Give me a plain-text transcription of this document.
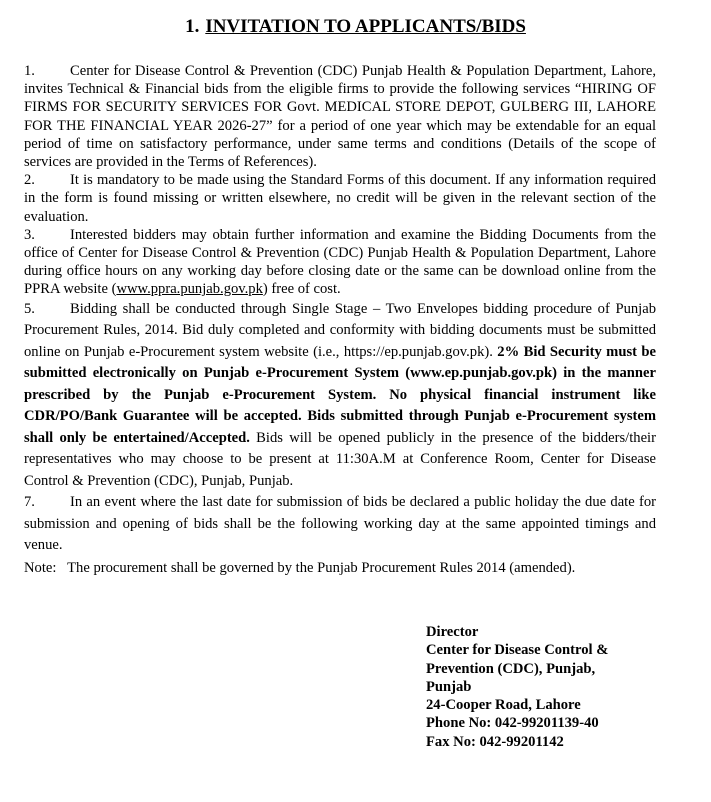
1. INVITATION TO APPLICANTS/BIDS
1. Center for Disease Control & Prevention (CDC) Punjab Health & Population Department, Lahore, invites Technical & Financial bids from the eligible firms to provide the following services “HIRING OF FIRMS FOR SECURITY SERVICES FOR Govt. MEDICAL STORE DEPOT, GULBERG III, LAHORE FOR THE FINANCIAL YEAR 2026-27” for a period of one year which may be extendable for an equal period of time on satisfactory performance, under same terms and conditions (Details of the scope of services are provided in the Terms of References).
2. It is mandatory to be made using the Standard Forms of this document. If any information required in the form is found missing or written elsewhere, no credit will be given in the relevant section of the evaluation.
3. Interested bidders may obtain further information and examine the Bidding Documents from the office of Center for Disease Control & Prevention (CDC) Punjab Health & Population Department, Lahore during office hours on any working day before closing date or the same can be download online from the PPRA website (www.ppra.punjab.gov.pk) free of cost.
5. Bidding shall be conducted through Single Stage – Two Envelopes bidding procedure of Punjab Procurement Rules, 2014. Bid duly completed and conformity with bidding documents must be submitted online on Punjab e-Procurement system website (i.e., https://ep.punjab.gov.pk). 2% Bid Security must be submitted electronically on Punjab e-Procurement System (www.ep.punjab.gov.pk) in the manner prescribed by the Punjab e-Procurement System. No physical financial instrument like CDR/PO/Bank Guarantee will be accepted. Bids submitted through Punjab e-Procurement system shall only be entertained/Accepted. Bids will be opened publicly in the presence of the bidders/their representatives who may choose to be present at 11:30A.M at Conference Room, Center for Disease Control & Prevention (CDC), Punjab, Punjab.
7. In an event where the last date for submission of bids be declared a public holiday the due date for submission and opening of bids shall be the following working day at the same appointed timings and venue.
Note: The procurement shall be governed by the Punjab Procurement Rules 2014 (amended).
Director
Center for Disease Control &
Prevention (CDC), Punjab,
Punjab
24-Cooper Road, Lahore
Phone No: 042-99201139-40
Fax No: 042-99201142
